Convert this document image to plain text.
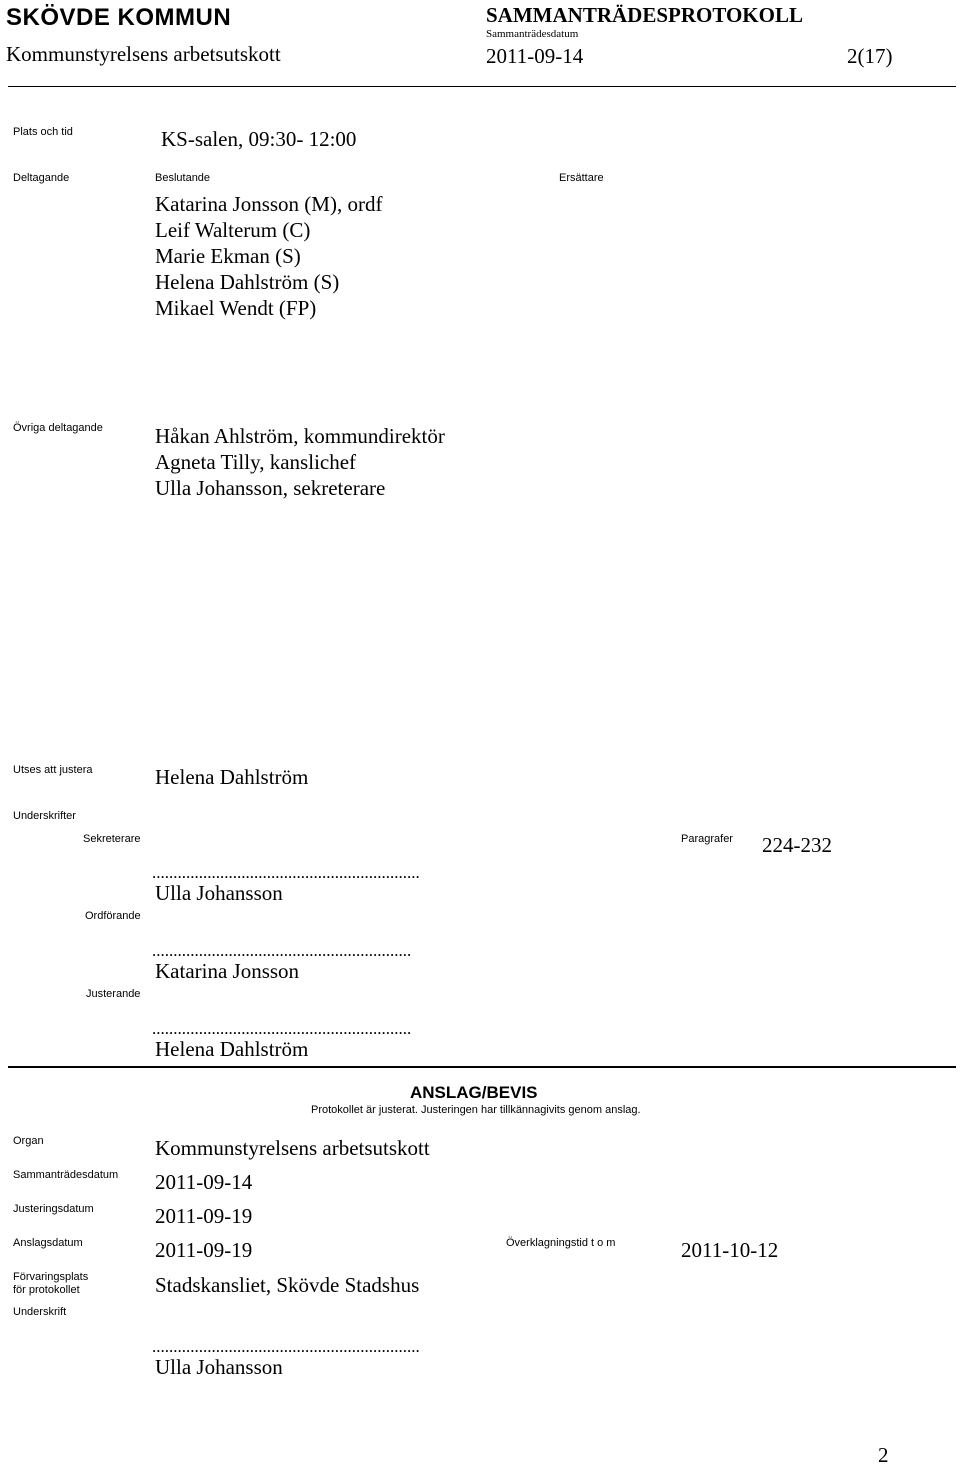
SKÖVDE KOMMUN	SAMMANTRÄDESPROTOKOLL
Sammanträdesdatum
Kommunstyrelsens arbetsutskott	2011-09-14	2(17)
Plats och tid	KS-salen, 09:30- 12:00
Deltagande	Beslutande	Ersättare
Katarina Jonsson (M), ordf
Leif Walterum (C)
Marie Ekman (S)
Helena Dahlström (S)
Mikael Wendt (FP)
Övriga deltagande Håkan Ahlström, kommundirektör
Agneta Tilly, kanslichef
Ulla Johansson, sekreterare
Utses att justera	Helena Dahlström
Underskrifter
Sekreterare	Paragrafer 224-232
...............................................................
Ulla Johansson
Ordförande
.............................................................
Katarina Jonsson
Justerande
.............................................................
Helena Dahlström
ANSLAG/BEVIS
Protokollet är justerat. Justeringen har tillkännagivits genom anslag.
Organ	Kommunstyrelsens arbetsutskott
Sammanträdesdatum 2011-09-14
Justeringsdatum	2011-09-19
Anslagsdatum	2011-09-19	Överklagningstid t o m	2011-10-12
Förvaringsplats
för protokollet	Stadskansliet, Skövde Stadshus
Underskrift
...............................................................
Ulla Johansson
2
